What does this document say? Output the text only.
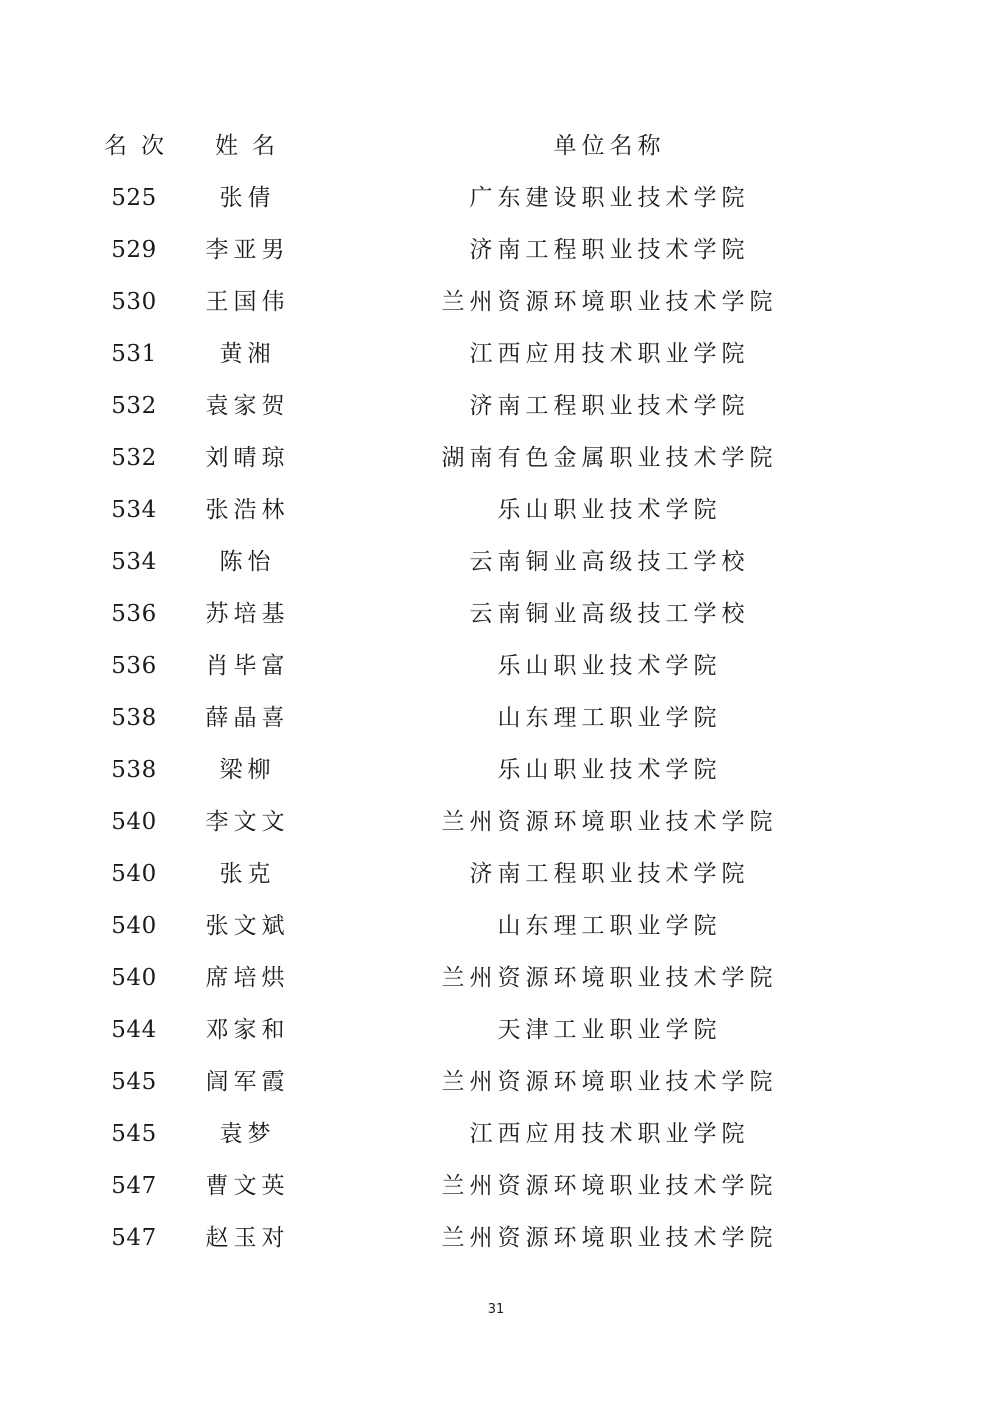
名次	姓名	单位名称
525	张倩	广东建设职业技术学院
529	李亚男	济南工程职业技术学院
530	王国伟	兰州资源环境职业技术学院
531	黄湘	江西应用技术职业学院
532	袁家贺	济南工程职业技术学院
532	刘晴琼	湖南有色金属职业技术学院
534	张浩林	乐山职业技术学院
534	陈怡	云南铜业高级技工学校
536	苏培基	云南铜业高级技工学校
536	肖毕富	乐山职业技术学院
538	薛晶喜	山东理工职业学院
538	梁柳	乐山职业技术学院
540	李文文	兰州资源环境职业技术学院
540	张克	济南工程职业技术学院
540	张文斌	山东理工职业学院
540	席培烘	兰州资源环境职业技术学院
544	邓家和	天津工业职业学院
545	訚军霞	兰州资源环境职业技术学院
545	袁梦	江西应用技术职业学院
547	曹文英	兰州资源环境职业技术学院
547	赵玉对	兰州资源环境职业技术学院
31
